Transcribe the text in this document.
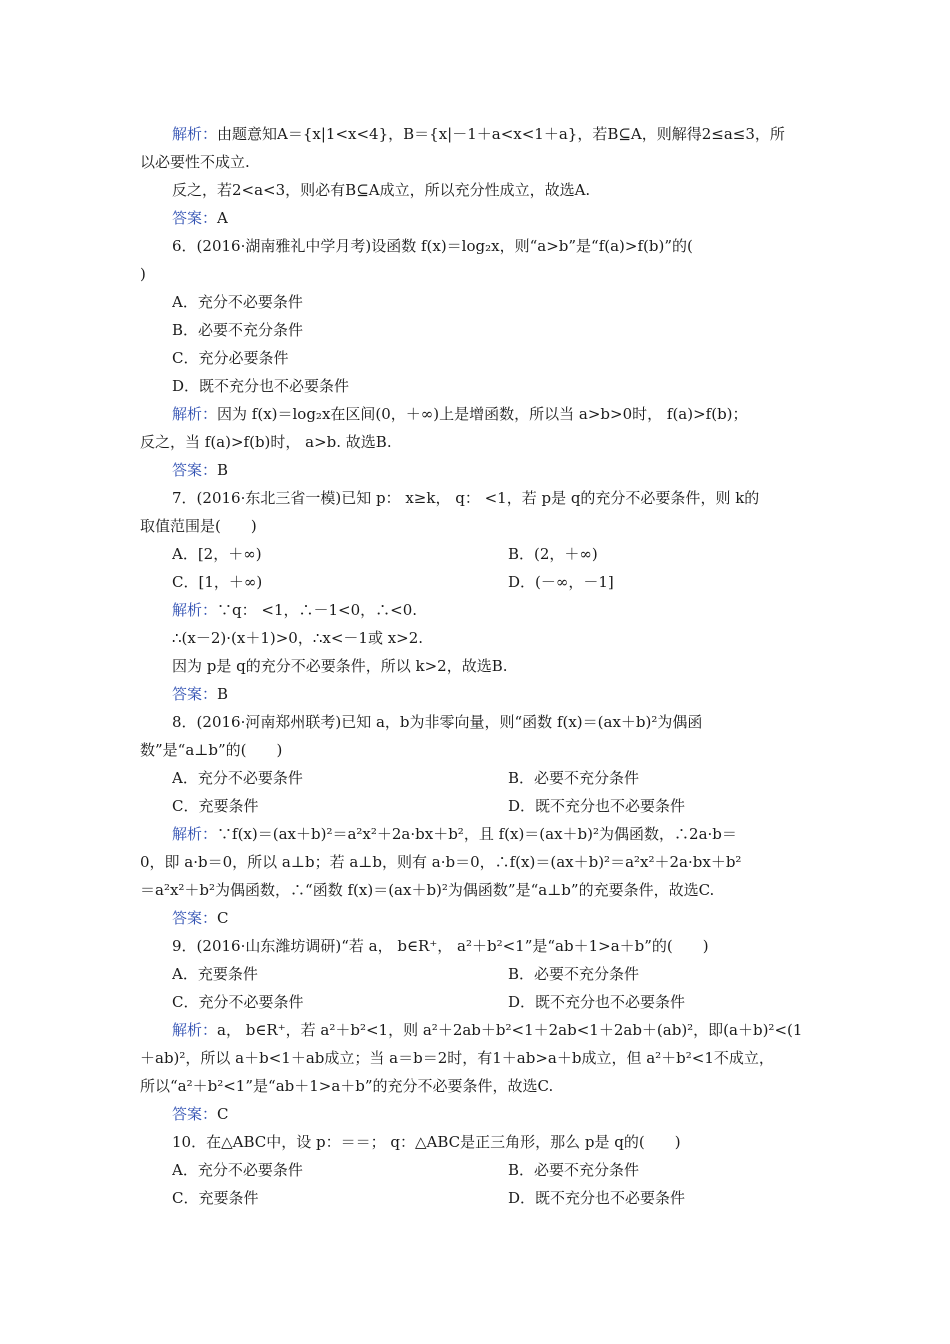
解析：由题意知A＝{x|1<x<4}，B＝{x|－1＋a<x<1＋a}，若B⊆A，则解得2≤a≤3，所
以必要性不成立.
反之，若2<a<3，则必有B⊆A成立，所以充分性成立，故选A.
答案：A
6．(2016·湖南雅礼中学月考)设函数 f(x)＝log₂x，则“a>b”是“f(a)>f(b)”的(
)
A．充分不必要条件
B．必要不充分条件
C．充分必要条件
D．既不充分也不必要条件
解析：因为 f(x)＝log₂x在区间(0，＋∞)上是增函数，所以当 a>b>0时， f(a)>f(b)；
反之，当 f(a)>f(b)时， a>b. 故选B.
答案：B
7．(2016·东北三省一模)已知 p： x≥k， q： <1，若 p是 q的充分不必要条件，则 k的
取值范围是(　　)
A．[2，＋∞)	B．(2，＋∞)
C．[1，＋∞)	D．(－∞，－1]
解析：∵q： <1，∴－1<0，∴<0.
∴(x－2)·(x＋1)>0，∴x<－1或 x>2.
因为 p是 q的充分不必要条件，所以 k>2，故选B.
答案：B
8．(2016·河南郑州联考)已知 a，b为非零向量，则“函数 f(x)＝(ax＋b)²为偶函
数”是“a⊥b”的(　　)
A．充分不必要条件	B．必要不充分条件
C．充要条件	D．既不充分也不必要条件
解析：∵f(x)＝(ax＋b)²＝a²x²＋2a·bx＋b²，且 f(x)＝(ax＋b)²为偶函数，∴2a·b＝
0，即 a·b＝0，所以 a⊥b；若 a⊥b，则有 a·b＝0，∴f(x)＝(ax＋b)²＝a²x²＋2a·bx＋b²
＝a²x²＋b²为偶函数，∴“函数 f(x)＝(ax＋b)²为偶函数”是“a⊥b”的充要条件，故选C.
答案：C
9．(2016·山东潍坊调研)“若 a， b∈R⁺， a²＋b²<1”是“ab＋1>a＋b”的(　　)
A．充要条件	B．必要不充分条件
C．充分不必要条件	D．既不充分也不必要条件
解析：a， b∈R⁺，若 a²＋b²<1，则 a²＋2ab＋b²<1＋2ab<1＋2ab＋(ab)²，即(a＋b)²<(1
＋ab)²，所以 a＋b<1＋ab成立；当 a＝b＝2时，有1＋ab>a＋b成立，但 a²＋b²<1不成立，
所以“a²＋b²<1”是“ab＋1>a＋b”的充分不必要条件，故选C.
答案：C
10．在△ABC中，设 p：＝＝； q：△ABC是正三角形，那么 p是 q的(　　)
A．充分不必要条件	B．必要不充分条件
C．充要条件	D．既不充分也不必要条件
